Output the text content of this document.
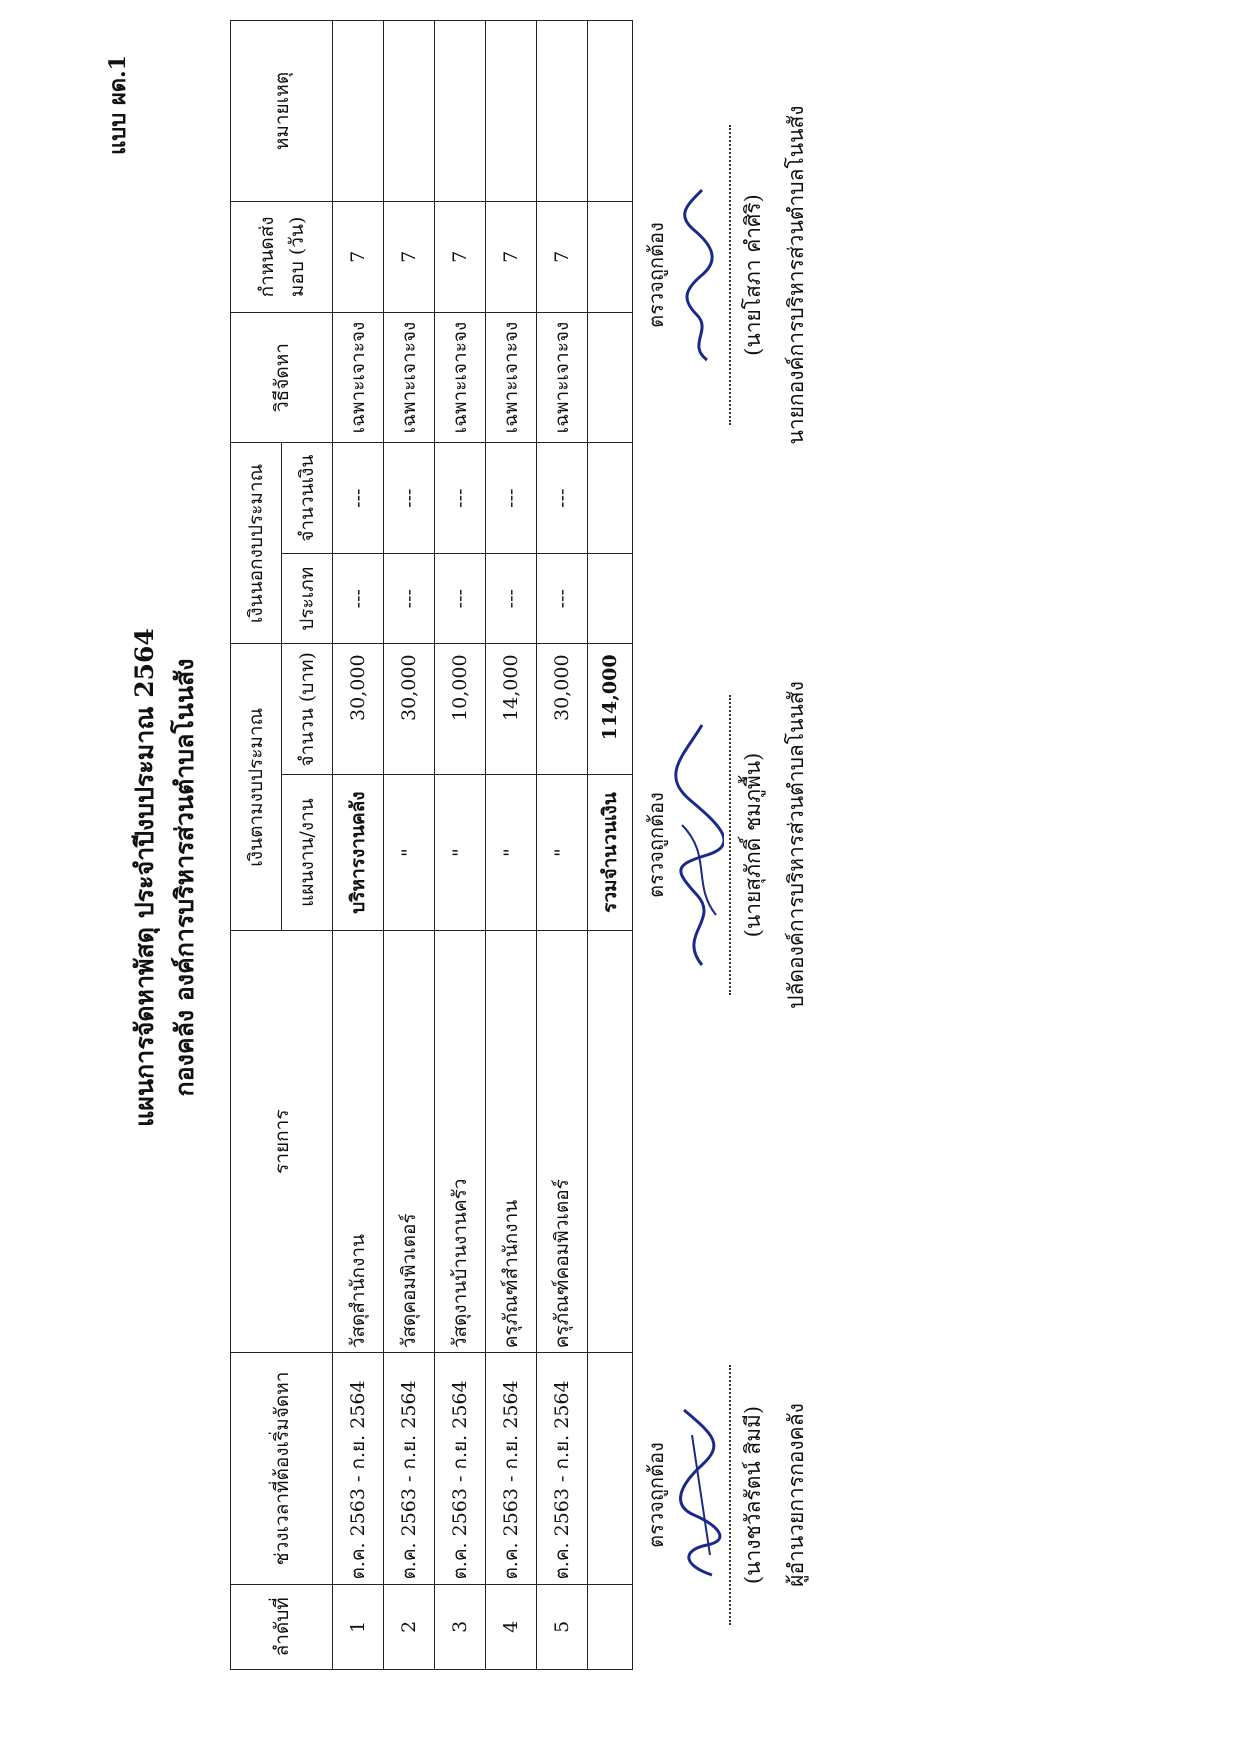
แบบ ผด.1
แผนการจัดหาพัสดุ ประจำปีงบประมาณ 2564 กองคลัง องค์การบริหารส่วนตำบลโนนสัง
ลำดับที่	ช่วงเวลาที่ต้องเริ่มจัดหา	รายการ	เงินตามงบประมาณ		เงินนอกงบประมาณ		วิธีจัดหา	กำหนดส่งมอบ (วัน)	หมายเหตุ
			แผนงาน/งาน	จำนวน (บาท)	ประเภท	จำนวนเงิน			
1	ต.ค. 2563 - ก.ย. 2564	วัสดุสำนักงาน	บริหารงานคลัง	30,000	---	---	เฉพาะเจาะจง	7	
2	ต.ค. 2563 - ก.ย. 2564	วัสดุคอมพิวเตอร์	"	30,000	---	---	เฉพาะเจาะจง	7	
3	ต.ค. 2563 - ก.ย. 2564	วัสดุงานบ้านงานครัว	"	10,000	---	---	เฉพาะเจาะจง	7	
4	ต.ค. 2563 - ก.ย. 2564	ครุภัณฑ์สำนักงาน	"	14,000	---	---	เฉพาะเจาะจง	7	
5	ต.ค. 2563 - ก.ย. 2564	ครุภัณฑ์คอมพิวเตอร์	"	30,000	---	---	เฉพาะเจาะจง	7	
			รวมจำนวนเงิน	114,000					
ตรวจถูกต้อง	(นางชวัลรัตน์ สิมมี) ผู้อำนวยการกองคลัง
ตรวจถูกต้อง	(นายสุภักดิ์ ชมภูพื้น) ปลัดองค์การบริหารส่วนตำบลโนนสัง
ตรวจถูกต้อง	(นายโสภา คำศิริ) นายกองค์การบริหารส่วนตำบลโนนสัง
